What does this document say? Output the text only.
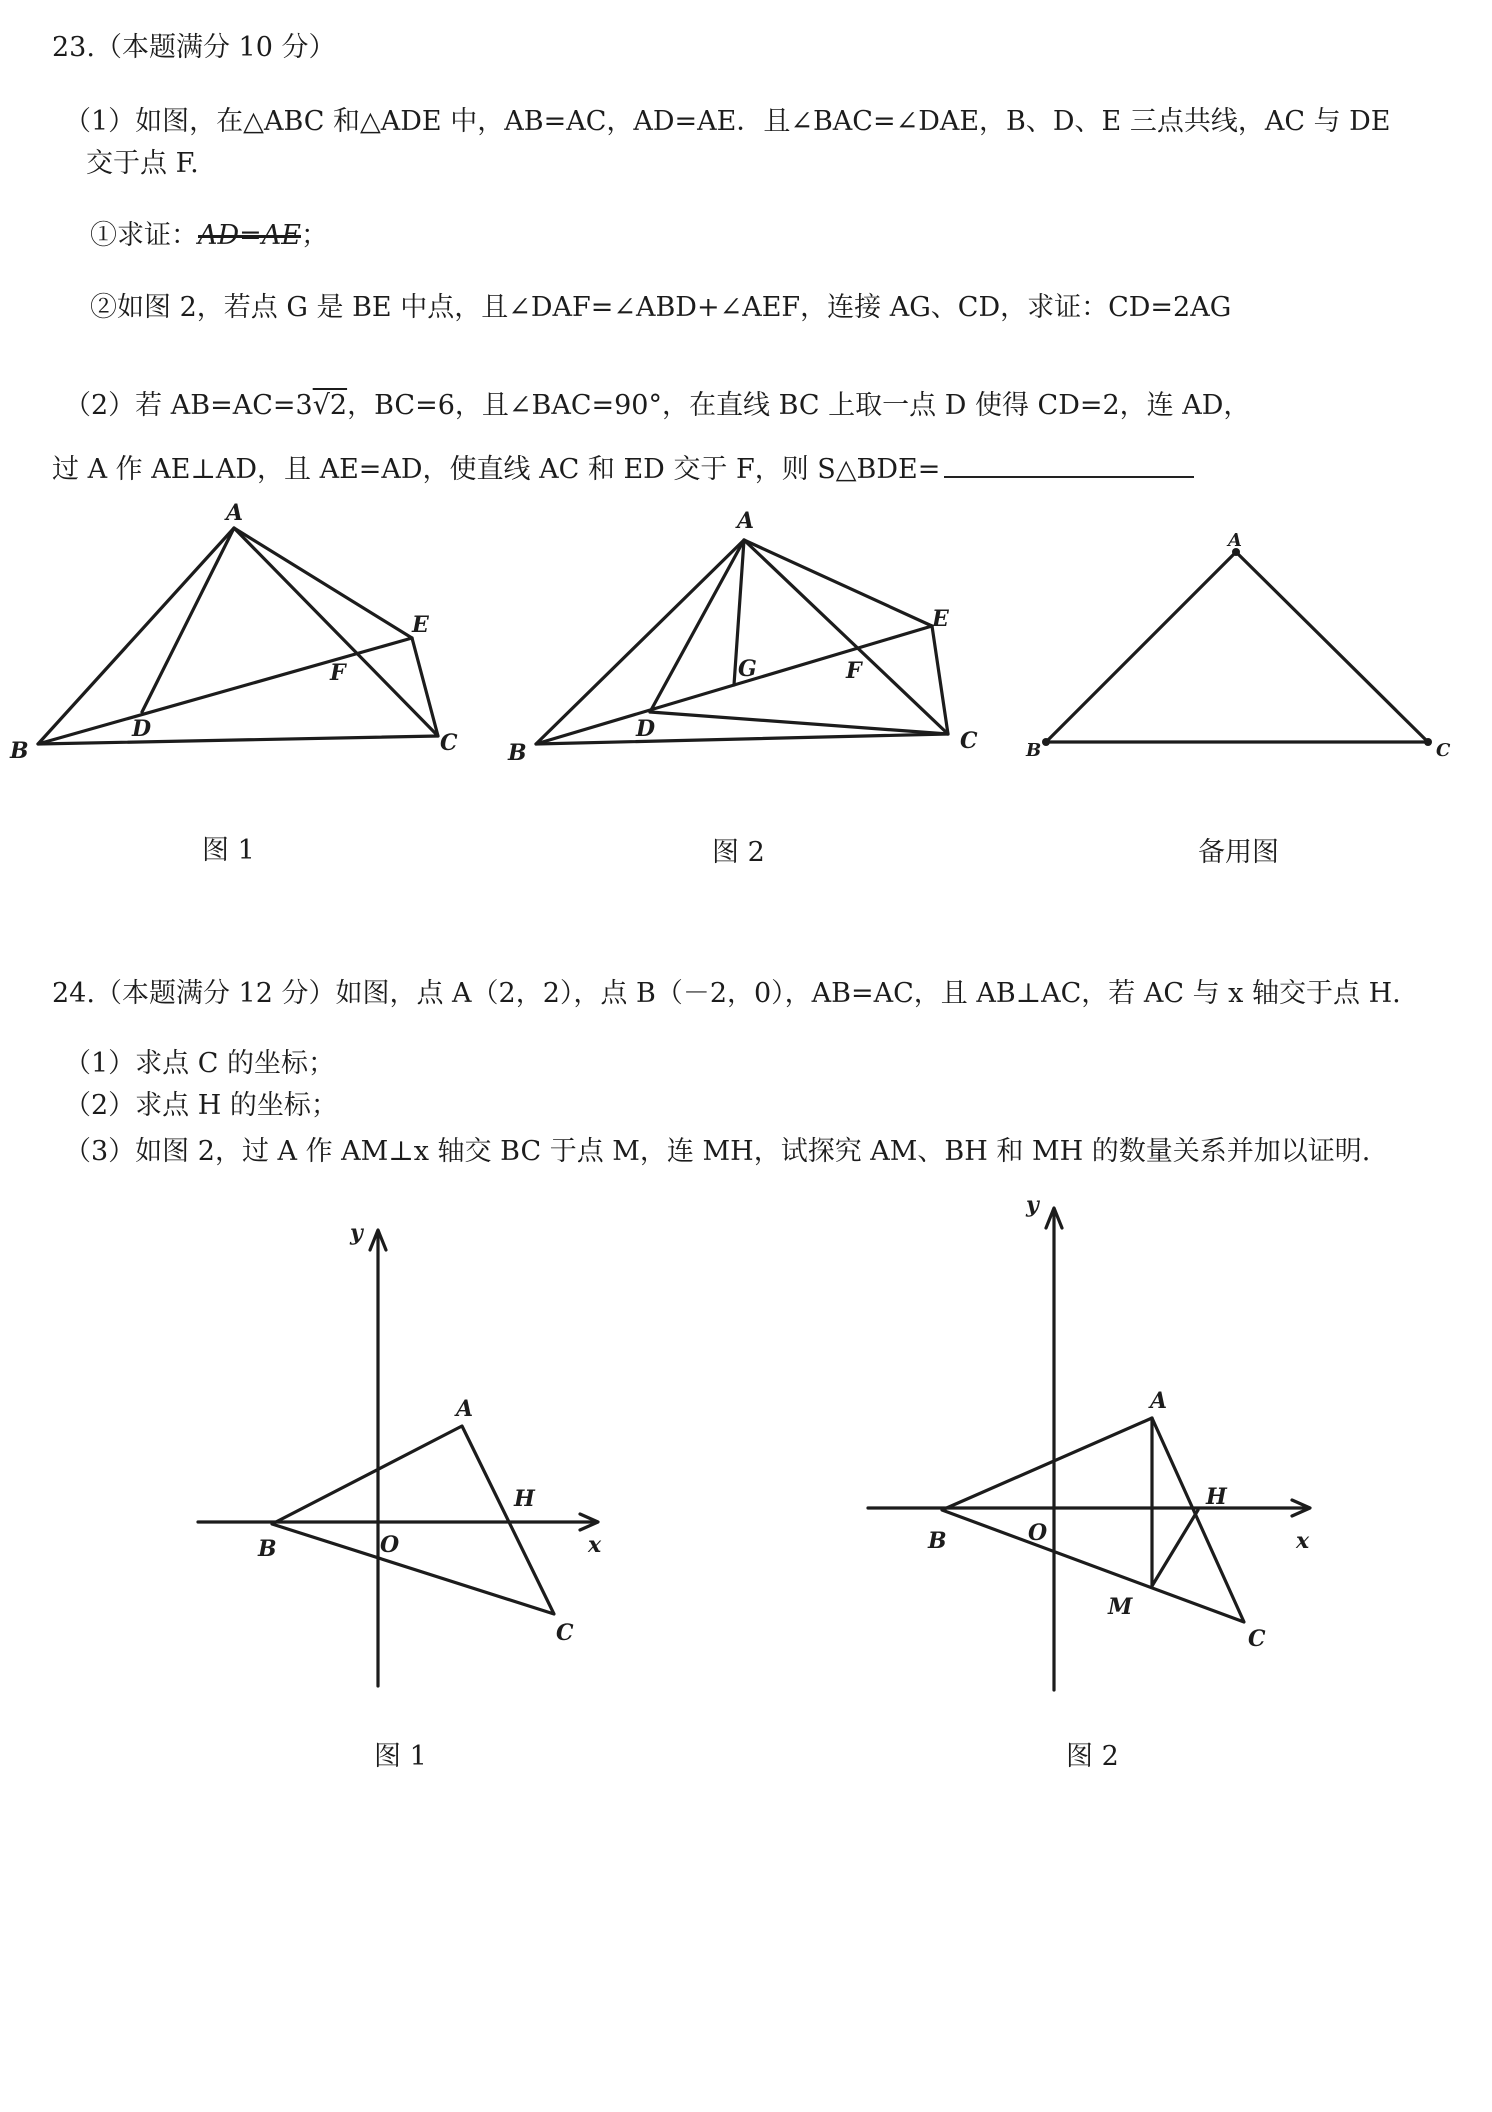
23.（本题满分 10 分）
（1）如图，在△ABC 和△ADE 中，AB=AC，AD=AE．且∠BAC=∠DAE，B、D、E 三点共线，AC 与 DE
交于点 F.
①求证：AD=AE；
②如图 2，若点 G 是 BE 中点，且∠DAF=∠ABD+∠AEF，连接 AG、CD，求证：CD=2AG
（2）若 AB=AC=3√2，BC=6，且∠BAC=90°，在直线 BC 上取一点 D 使得 CD=2，连 AD，
过 A 作 AE⊥AD，且 AE=AD，使直线 AC 和 ED 交于 F，则 S△BDE=
A
B	C
D
E
F
A
B	C
D
E
F
G
A
B	C
图 1	图 2	备用图
24.（本题满分 12 分）如图，点 A（2，2），点 B（－2，0），AB=AC，且 AB⊥AC，若 AC 与 x 轴交于点 H.
（1）求点 C 的坐标；
（2）求点 H 的坐标；
（3）如图 2，过 A 作 AM⊥x 轴交 BC 于点 M，连 MH，试探究 AM、BH 和 MH 的数量关系并加以证明.
y
x
O
A
B
C
H
y
x
O
A
B
C
H
M
图 1	图 2
